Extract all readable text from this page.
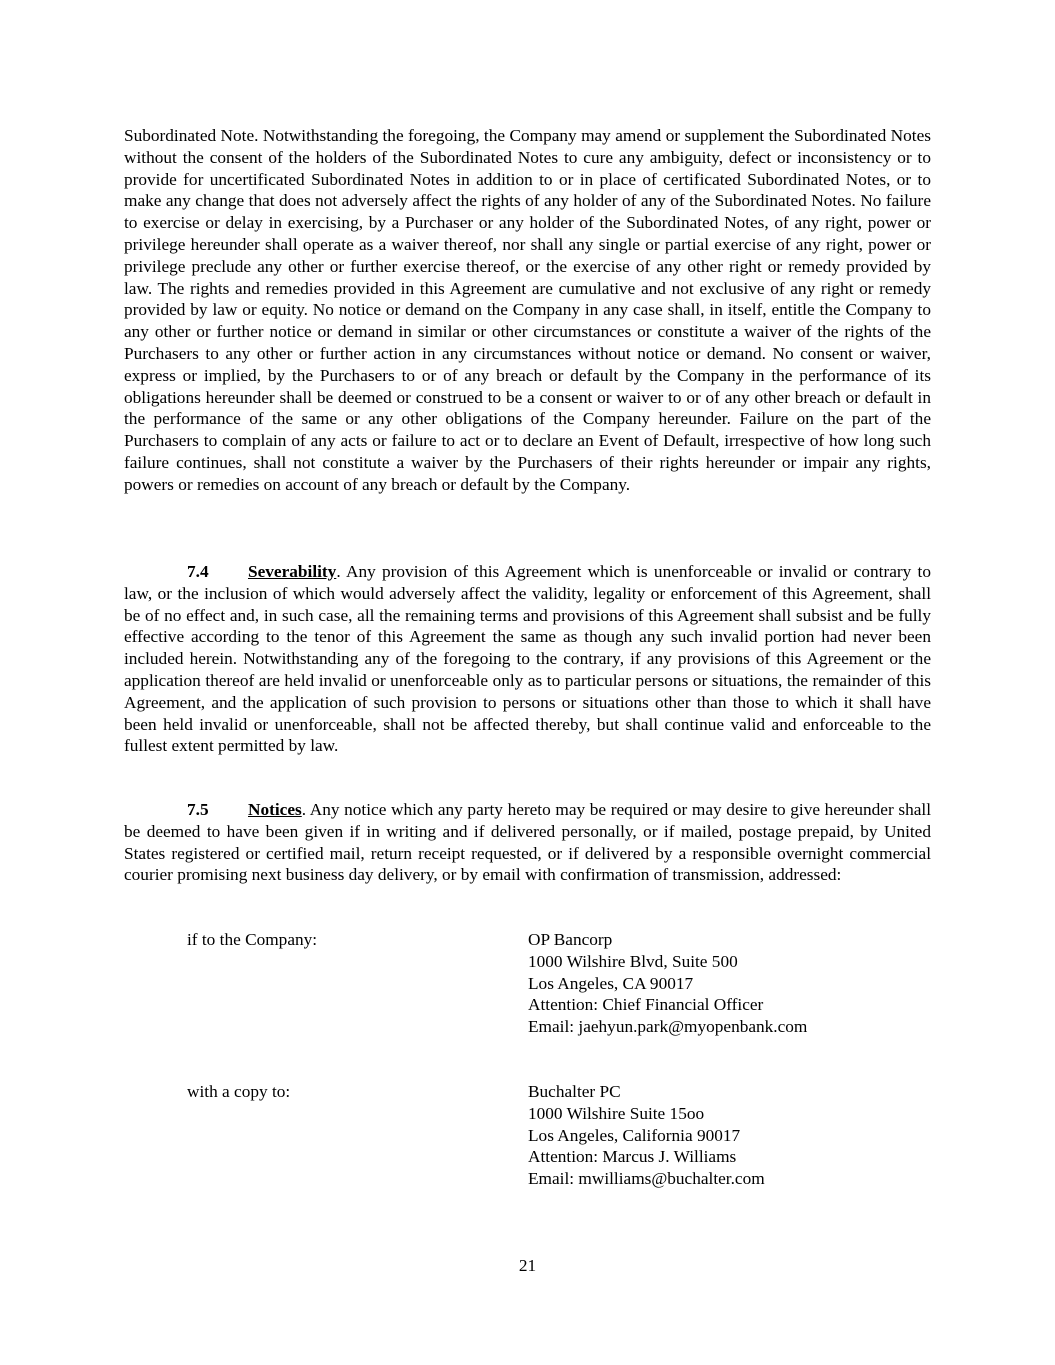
Subordinated Note. Notwithstanding the foregoing, the Company may amend or supplement the Subordinated Notes without the consent of the holders of the Subordinated Notes to cure any ambiguity, defect or inconsistency or to provide for uncertificated Subordinated Notes in addition to or in place of certificated Subordinated Notes, or to make any change that does not adversely affect the rights of any holder of any of the Subordinated Notes. No failure to exercise or delay in exercising, by a Purchaser or any holder of the Subordinated Notes, of any right, power or privilege hereunder shall operate as a waiver thereof, nor shall any single or partial exercise of any right, power or privilege preclude any other or further exercise thereof, or the exercise of any other right or remedy provided by law. The rights and remedies provided in this Agreement are cumulative and not exclusive of any right or remedy provided by law or equity. No notice or demand on the Company in any case shall, in itself, entitle the Company to any other or further notice or demand in similar or other circumstances or constitute a waiver of the rights of the Purchasers to any other or further action in any circumstances without notice or demand. No consent or waiver, express or implied, by the Purchasers to or of any breach or default by the Company in the performance of its obligations hereunder shall be deemed or construed to be a consent or waiver to or of any other breach or default in the performance of the same or any other obligations of the Company hereunder. Failure on the part of the Purchasers to complain of any acts or failure to act or to declare an Event of Default, irrespective of how long such failure continues, shall not constitute a waiver by the Purchasers of their rights hereunder or impair any rights, powers or remedies on account of any breach or default by the Company.

7.4 Severability. Any provision of this Agreement which is unenforceable or invalid or contrary to law, or the inclusion of which would adversely affect the validity, legality or enforcement of this Agreement, shall be of no effect and, in such case, all the remaining terms and provisions of this Agreement shall subsist and be fully effective according to the tenor of this Agreement the same as though any such invalid portion had never been included herein. Notwithstanding any of the foregoing to the contrary, if any provisions of this Agreement or the application thereof are held invalid or unenforceable only as to particular persons or situations, the remainder of this Agreement, and the application of such provision to persons or situations other than those to which it shall have been held invalid or unenforceable, shall not be affected thereby, but shall continue valid and enforceable to the fullest extent permitted by law.

7.5 Notices. Any notice which any party hereto may be required or may desire to give hereunder shall be deemed to have been given if in writing and if delivered personally, or if mailed, postage prepaid, by United States registered or certified mail, return receipt requested, or if delivered by a responsible overnight commercial courier promising next business day delivery, or by email with confirmation of transmission, addressed:

if to the Company:	OP Bancorp
1000 Wilshire Blvd, Suite 500
Los Angeles, CA 90017
Attention: Chief Financial Officer
Email: jaehyun.park@myopenbank.com
with a copy to:	Buchalter PC
1000 Wilshire Suite 15oo
Los Angeles, California 90017
Attention: Marcus J. Williams
Email: mwilliams@buchalter.com
21
